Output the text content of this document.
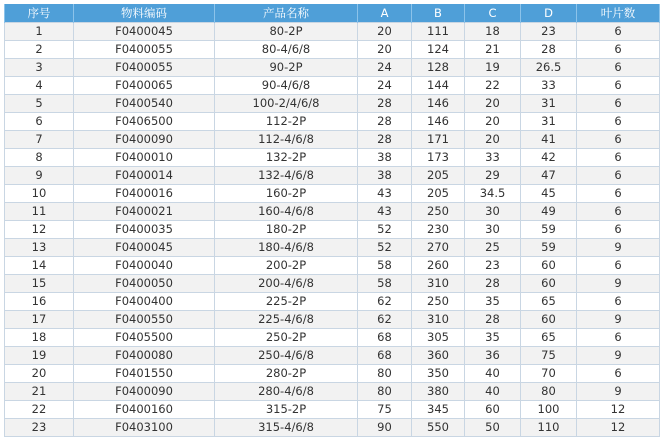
序号	物料编码	产品名称	A	B	C	D	叶片数
1	F0400045	80-2P	20	111	18	23	6
2	F0400055	80-4/6/8	20	124	21	28	6
3	F0400055	90-2P	24	128	19	26.5	6
4	F0400065	90-4/6/8	24	144	22	33	6
5	F0400540	100-2/4/6/8	28	146	20	31	6
6	F0406500	112-2P	28	146	20	31	6
7	F0400090	112-4/6/8	28	171	20	41	6
8	F0400010	132-2P	38	173	33	42	6
9	F0400014	132-4/6/8	38	205	29	47	6
10	F0400016	160-2P	43	205	34.5	45	6
11	F0400021	160-4/6/8	43	250	30	49	6
12	F0400035	180-2P	52	230	30	59	6
13	F0400045	180-4/6/8	52	270	25	59	9
14	F0400040	200-2P	58	260	23	60	6
15	F0400050	200-4/6/8	58	310	28	60	9
16	F0400400	225-2P	62	250	35	65	6
17	F0400550	225-4/6/8	62	310	28	60	9
18	F0405500	250-2P	68	305	35	65	6
19	F0400080	250-4/6/8	68	360	36	75	9
20	F0401550	280-2P	80	350	40	70	6
21	F0400090	280-4/6/8	80	380	40	80	9
22	F0400160	315-2P	75	345	60	100	12
23	F0403100	315-4/6/8	90	550	50	110	12
